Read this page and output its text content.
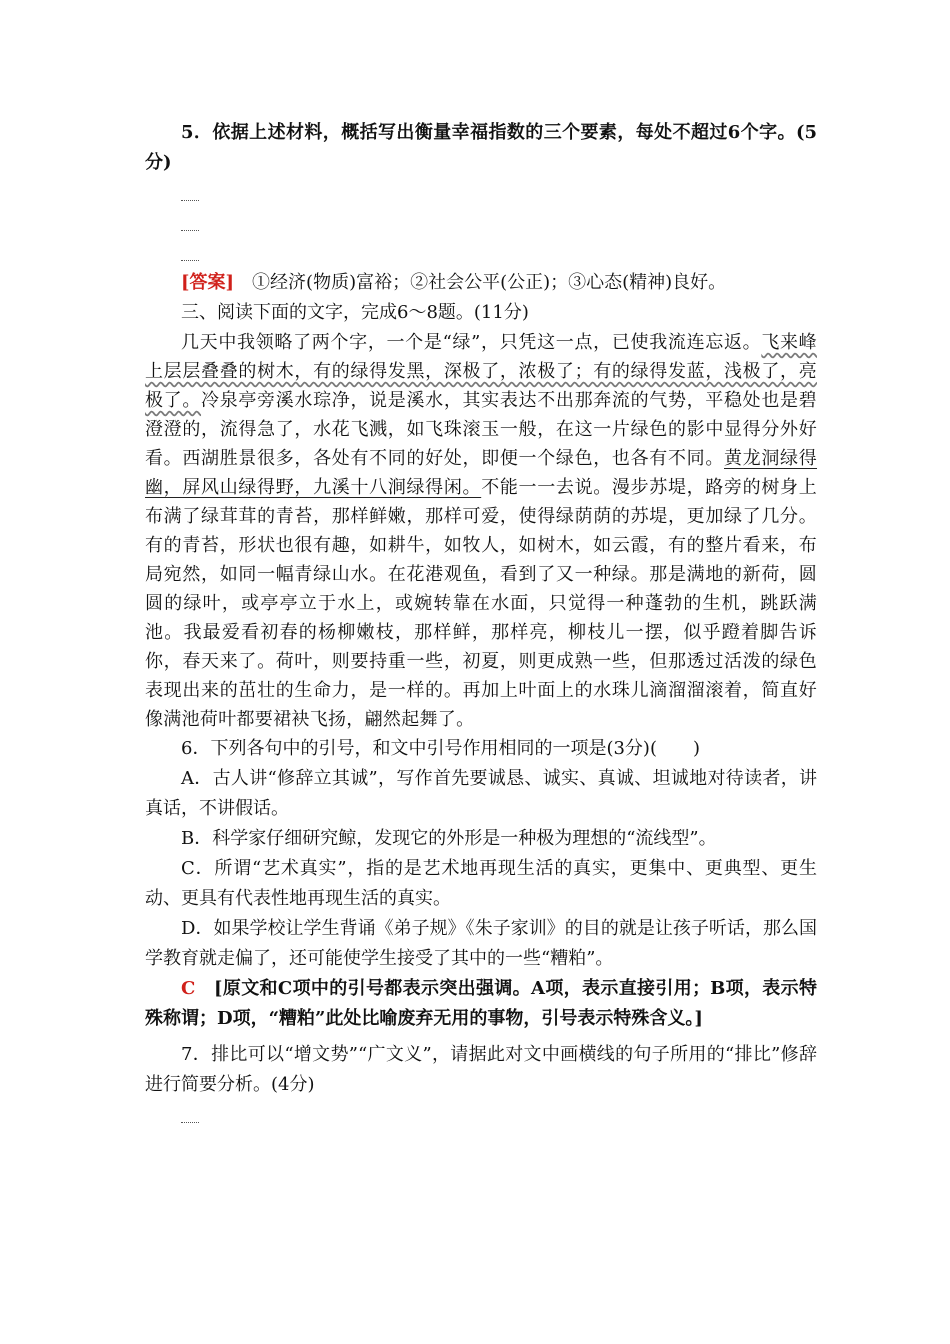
5．依据上述材料，概括写出衡量幸福指数的三个要素，每处不超过6个字。(5分)

[答案]　 ①经济(物质)富裕；②社会公平(公正)；③心态(精神)良好。

三、阅读下面的文字，完成6～8题。(11分)

几天中我领略了两个字，一个是“绿”，只凭这一点，已使我流连忘返。飞来峰上层层叠叠的树木，有的绿得发黑，深极了，浓极了；有的绿得发蓝，浅极了，亮极了。冷泉亭旁溪水琮净，说是溪水，其实表达不出那奔流的气势，平稳处也是碧澄澄的，流得急了，水花飞溅，如飞珠滚玉一般，在这一片绿色的影中显得分外好看。西湖胜景很多，各处有不同的好处，即便一个绿色，也各有不同。黄龙洞绿得幽，屏风山绿得野，九溪十八涧绿得闲。不能一一去说。漫步苏堤，路旁的树身上布满了绿茸茸的青苔，那样鲜嫩，那样可爱，使得绿荫荫的苏堤，更加绿了几分。有的青苔，形状也很有趣，如耕牛，如牧人，如树木，如云霞，有的整片看来，布局宛然，如同一幅青绿山水。在花港观鱼，看到了又一种绿。那是满地的新荷，圆圆的绿叶，或亭亭立于水上，或婉转靠在水面，只觉得一种蓬勃的生机，跳跃满池。我最爱看初春的杨柳嫩枝，那样鲜，那样亮，柳枝儿一摆，似乎蹬着脚告诉你，春天来了。荷叶，则要持重一些，初夏，则更成熟一些，但那透过活泼的绿色表现出来的茁壮的生命力，是一样的。再加上叶面上的水珠儿滴溜溜滚着，简直好像满池荷叶都要裙袂飞扬，翩然起舞了。

6．下列各句中的引号，和文中引号作用相同的一项是(3分)(　　)

A．古人讲“修辞立其诚”，写作首先要诚恳、诚实、真诚、坦诚地对待读者，讲真话，不讲假话。

B．科学家仔细研究鲸，发现它的外形是一种极为理想的“流线型”。

C．所谓“艺术真实”，指的是艺术地再现生活的真实，更集中、更典型、更生动、更具有代表性地再现生活的真实。

D．如果学校让学生背诵《弟子规》《朱子家训》的目的就是让孩子听话，那么国学教育就走偏了，还可能使学生接受了其中的一些“糟粕”。

C　 [原文和C项中的引号都表示突出强调。A项，表示直接引用；B项，表示特殊称谓；D项，“糟粕”此处比喻废弃无用的事物，引号表示特殊含义。]

7．排比可以“增文势”“广文义”，请据此对文中画横线的句子所用的“排比”修辞进行简要分析。(4分)
